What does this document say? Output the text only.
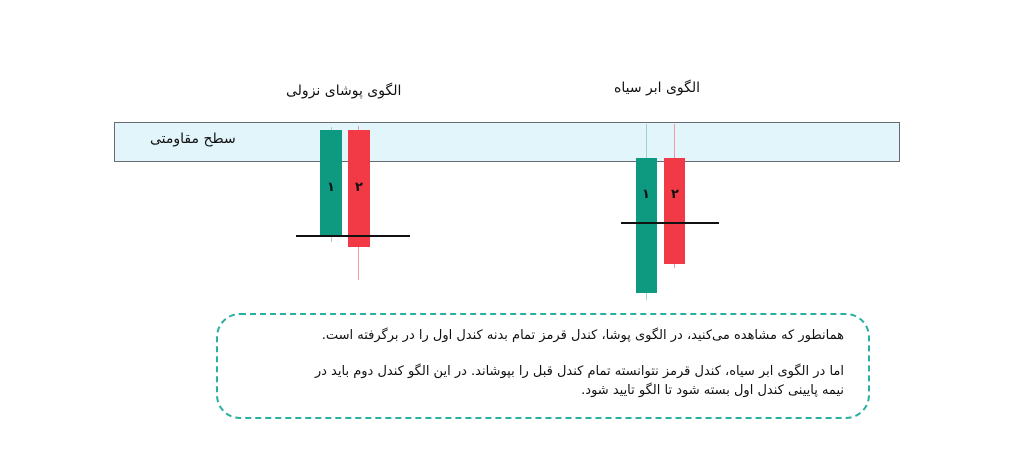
الگوی پوشای نزولی	الگوی ابر سیاه
سطح مقاومتی
۱	۲	۱	۲

همانطور که مشاهده می‌کنید، در الگوی پوشا، کندل قرمز تمام بدنه کندل اول را در برگرفته است.

اما در الگوی ابر سیاه، کندل قرمز نتوانسته تمام کندل قبل را بپوشاند. در این الگو کندل دوم باید در

نیمه پایینی کندل اول بسته شود تا الگو تایید شود.
